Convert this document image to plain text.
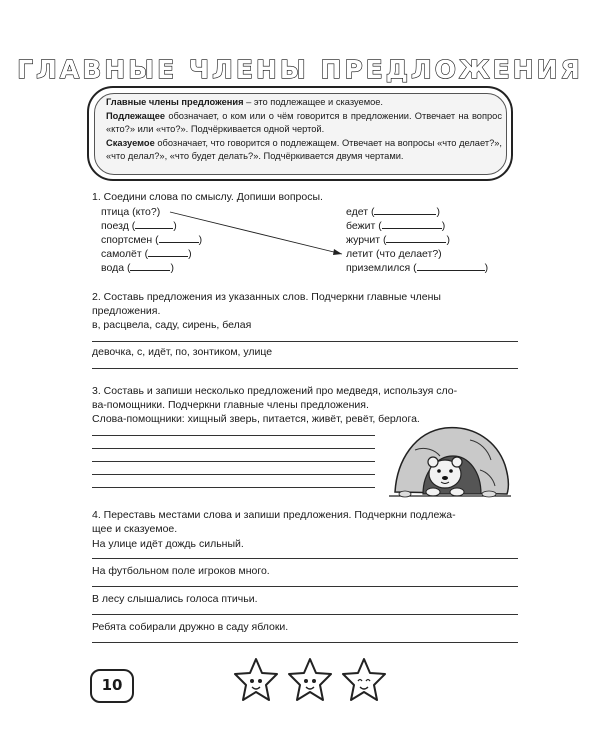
ГЛАВНЫЕ ЧЛЕНЫ ПРЕДЛОЖЕНИЯ
Главные члены предложения – это подлежащее и сказуемое.
Подлежащее обозначает, о ком или о чём говорится в предложении. Отвечает на вопрос «кто?» или «что?». Подчёркивается одной чертой.
Сказуемое обозначает, что говорится о подлежащем. Отвечает на вопросы «что делает?», «что делал?», «что будет делать?». Подчёркивается двумя чертами.
1. Соедини слова по смыслу. Допиши вопросы.
птица (кто?)
поезд (	)
спортсмен (	)
самолёт (	)
вода (	)
едет (	)
бежит (	)
журчит (	)
летит (что делает?)
приземлился (	)
2. Составь предложения из указанных слов. Подчеркни главные члены
предложения.
в, расцвела, саду, сирень, белая
девочка, с, идёт, по, зонтиком, улице
3. Составь и запиши несколько предложений про медведя, используя сло-
ва-помощники. Подчеркни главные члены предложения.
Слова-помощники: хищный зверь, питается, живёт, ревёт, берлога.
4. Переставь местами слова и запиши предложения. Подчеркни подлежа-
щее и сказуемое.
На улице идёт дождь сильный.
На футбольном поле игроков много.
В лесу слышались голоса птичьи.
Ребята собирали дружно в саду яблоки.
10
